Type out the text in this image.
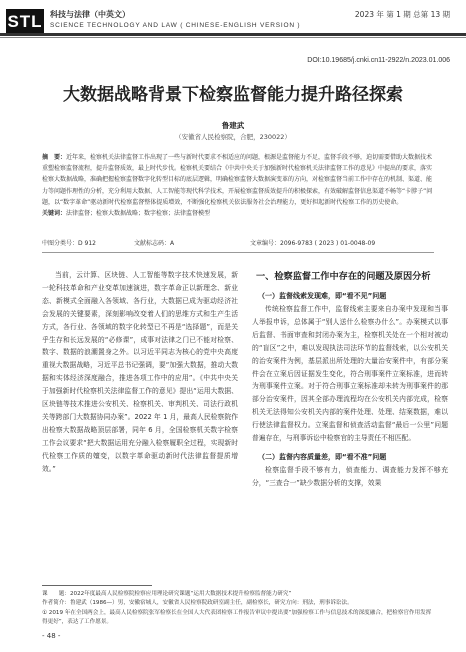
STL 科技与法律（中英文）	2023 年 第 1 期 总第 13 期
SCIENCE TECHNOLOGY AND LAW ( CHINESE-ENGLISH VERSION )
DOI:10.19685/j.cnki.cn11-2922/n.2023.01.006
大数据战略背景下检察监督能力提升路径探索
鲁建武
（安徽省人民检察院，合肥，230022）
摘　要：近年来，检察机关法律监督工作出现了一些与新时代要求不相适应的问题，根源是监督能力不足，监督手段不够，迫切需要借助大数据技术重塑检察监督流程，提升监督质效，最上时代步伐。检察机关要结合《中共中央关于加强新时代检察机关法律监督工作的意见》中提出的要求，落实检察大数据战略，准确把握检察监督数字化转型目标的底层逻辑，明确检察监督大数据演变革的方向，对检察监督当前工作中存在的机制、渠道、能力等问题作理性的分析，充分利用大数据、人工智能等现代科学技术，开展检察监督质效提升的积极探索，有效破解监督信息渠道不畅等“卡脖子”问题，以“数字革命”驱动新时代检察监督整体提质增效，不断强化检察机关依法服务社会治理能力，更好担起新时代检察工作的历史使命。
关键词：法律监督；检察大数据战略；数字检察；法律监督模型
中图分类号：D 912	文献标志码：A	文章编号：2096-9783 ( 2023 ) 01-0048-09
当前，云计算、区块链、人工智能等数字技术快速发展，新一轮科技革命和产业变革加速演进，数字革命正以新理念、新业态、新模式全面融入各领域、各行业，大数据已成为驱动经济社会发展的关键要素，深刻影响改变着人们的思维方式和生产生活方式，各行业、各领域的数字化转型已不再是“选择题”，而是关乎生存和长远发展的“必修课”，成事对法律之门已不能对检察、数字、数据的浪潮置身之外。以习近平同志为核心的党中央高度重视大数据战略，习近平总书记强调，要“加强大数据，推动大数据和实体经济深度融合，推进各项工作中的应用”。《中共中央关于加强新时代检察机关法律监督工作的意见》提出“运用大数据、区块链等技术推进公安机关、检察机关、审判机关、司法行政机关等跨部门大数据协同办案”。2022 年 1 月，最高人民检察院作出检察大数据战略顶层部署，同年 6 月，全国检察机关数字检察工作会议要求“把大数据运用充分融入检察履职全过程，实现新时代检察工作质的嬗变，以数字革命驱动新时代法律监督提质增效。”
一、检察监督工作中存在的问题及原因分析
（一）监督线索发现难，即“看不见”问题
传统检察监督工作中，监督线索主要来自办案中发现和当事人举报申诉，总体属于“别人送什么检察办什么”。办案模式以事后监督、书面审查和封闭办案为主，检察机关处在一个相对被动的“盲区”之中，难以发现执法司法环节的监督线索，以公安机关的治安案件为例，基层派出所处理的大量治安案件中，有部分案件会在立案后因证据发生变化，符合刑事案件立案标准，进而转为刑事案件立案。对于符合刑事立案标准却未转为刑事案件的那部分治安案件，因其全部办理流程均在公安机关内部完成，检察机关无法得知公安机关内部的案件处理、处理、结案数据，难以行使法律监督权力。立案监督和侦查活动监督“最后一公里”问题普遍存在，与刑事诉讼中检察官的主导责任不相匹配。
（二）监督内容质量差，即“看不准”问题
检察监督手段不够有力，侦查能力、调查能力发挥不够充分，“三查合一”缺少数据分析的支撑，效果
课　　题：2022年度最高人民检察院检察应用理论研究课题“运用大数据技术提升检察监督能力研究”
作者简介：鲁建武（1986—）男，安徽宿城人，安徽省人民检察院政研室副主任，副检察长，研究方向：刑法，刑事诉讼法。
① 2019 年在全国两会上，最高人民检察院张军检察长在全国人大代表团检察工作报告审议中提出要“加强检察工作与信息技术的深度融合，把检察官作用发挥得更好”，表达了工作愿景。
- 48 -
